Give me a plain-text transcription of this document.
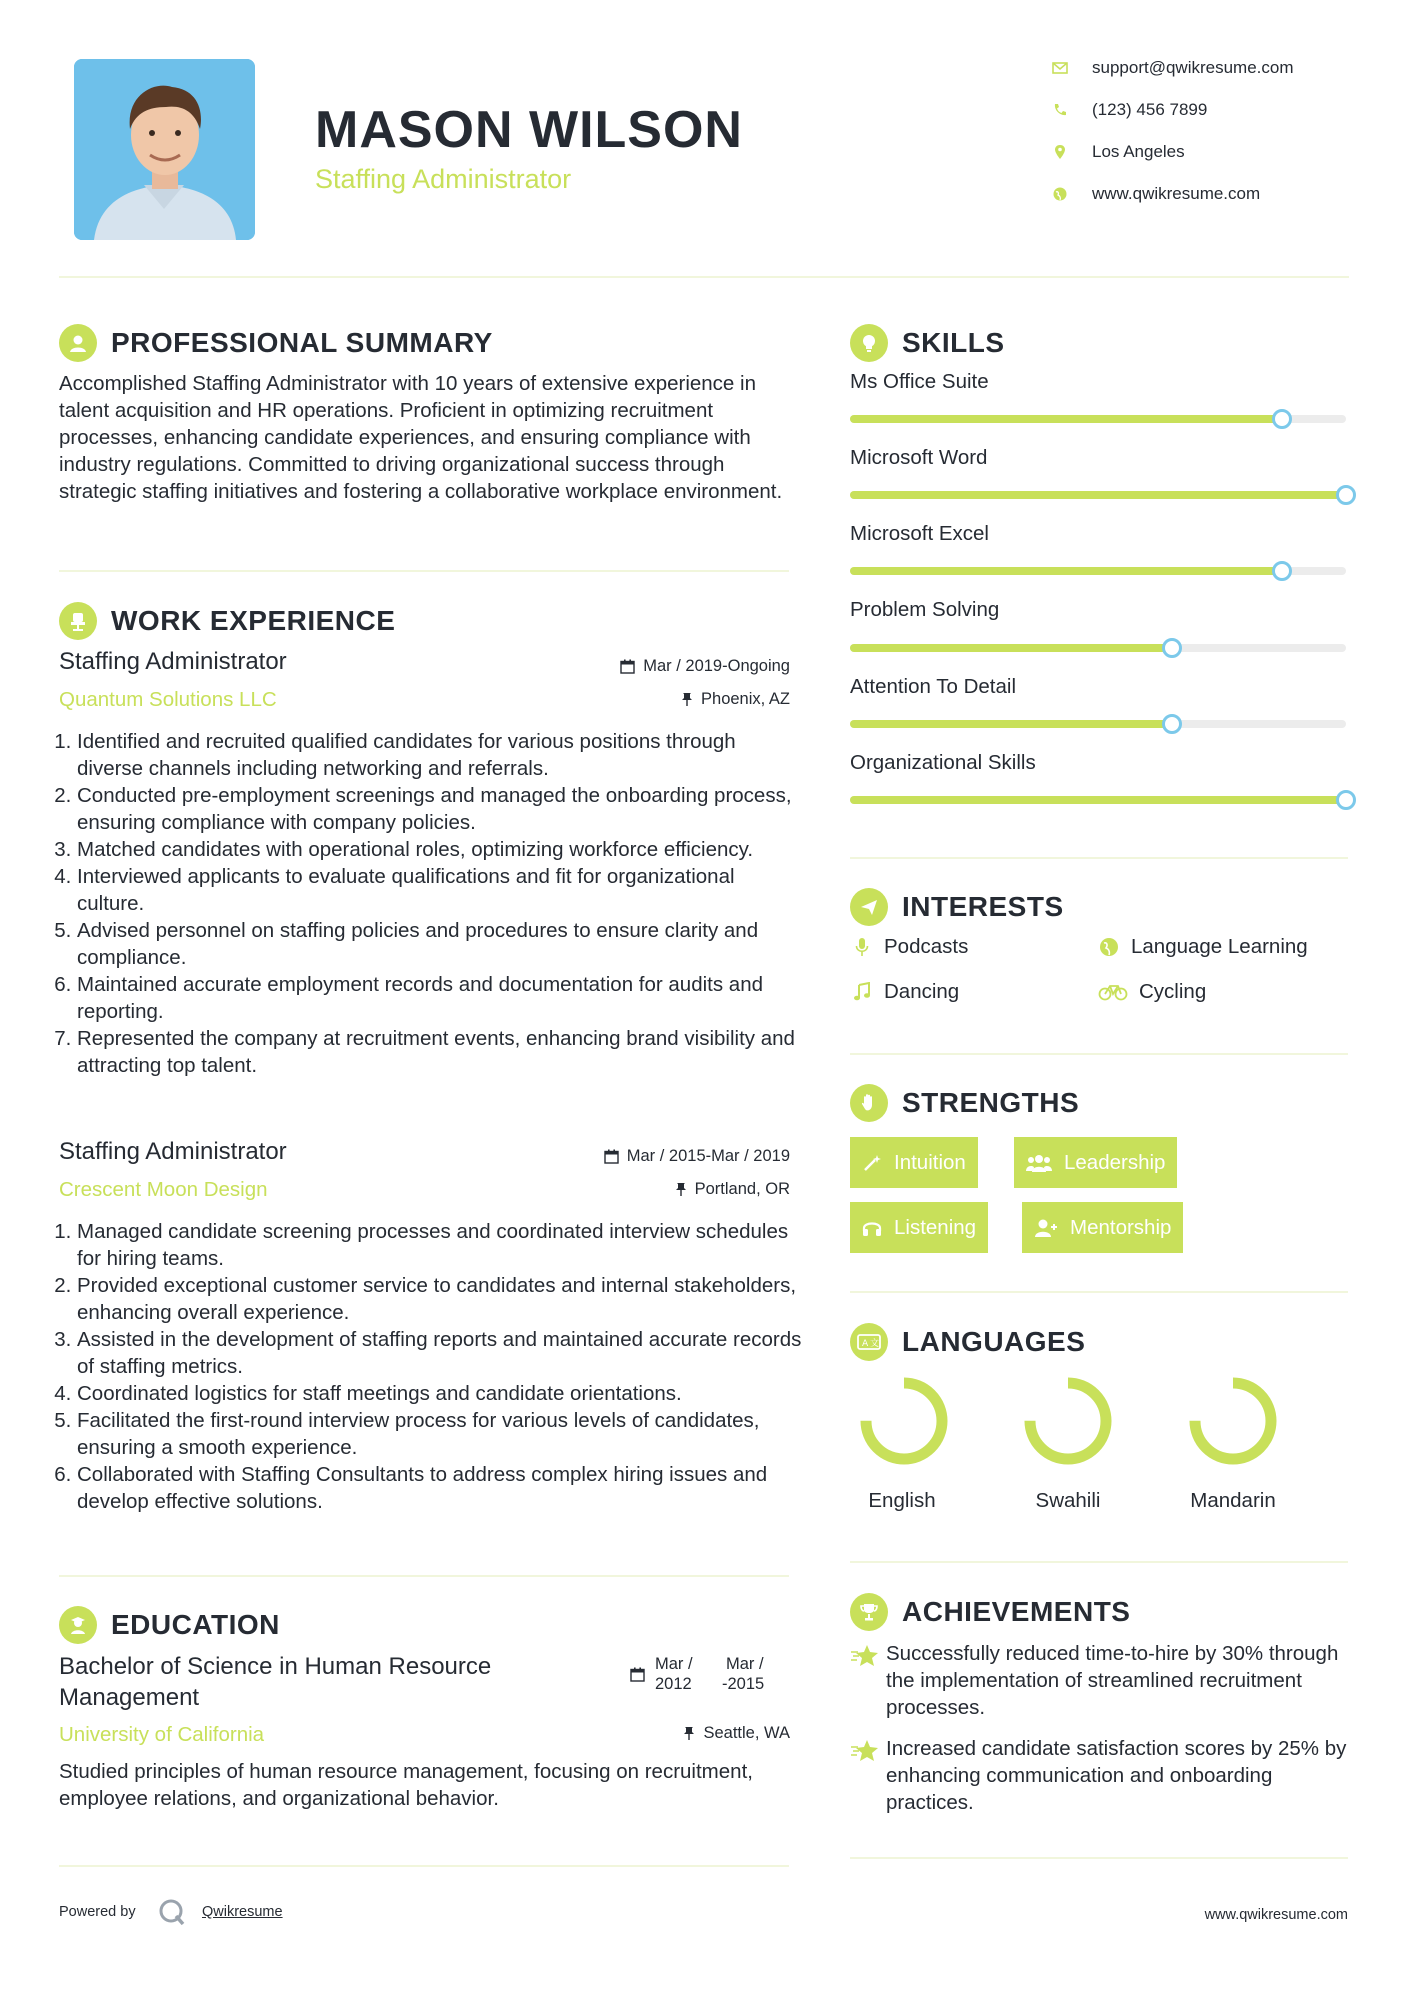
MASON WILSON
Staffing Administrator
support@qwikresume.com
(123) 456 7899
Los Angeles
www.qwikresume.com
PROFESSIONAL SUMMARY
Accomplished Staffing Administrator with 10 years of extensive experience in talent acquisition and HR operations. Proficient in optimizing recruitment processes, enhancing candidate experiences, and ensuring compliance with industry regulations. Committed to driving organizational success through strategic staffing initiatives and fostering a collaborative workplace environment.
WORK EXPERIENCE
Staffing Administrator	Mar / 2019-Ongoing
Quantum Solutions LLC	Phoenix, AZ
1. Identified and recruited qualified candidates for various positions through diverse channels including networking and referrals.
2. Conducted pre-employment screenings and managed the onboarding process, ensuring compliance with company policies.
3. Matched candidates with operational roles, optimizing workforce efficiency.
4. Interviewed applicants to evaluate qualifications and fit for organizational culture.
5. Advised personnel on staffing policies and procedures to ensure clarity and compliance.
6. Maintained accurate employment records and documentation for audits and reporting.
7. Represented the company at recruitment events, enhancing brand visibility and attracting top talent.
Staffing Administrator	Mar / 2015-Mar / 2019
Crescent Moon Design	Portland, OR
1. Managed candidate screening processes and coordinated interview schedules for hiring teams.
2. Provided exceptional customer service to candidates and internal stakeholders, enhancing overall experience.
3. Assisted in the development of staffing reports and maintained accurate records of staffing metrics.
4. Coordinated logistics for staff meetings and candidate orientations.
5. Facilitated the first-round interview process for various levels of candidates, ensuring a smooth experience.
6. Collaborated with Staffing Consultants to address complex hiring issues and develop effective solutions.
EDUCATION
Bachelor of Science in Human Resource
Management
Mar /
2012
Mar /
- 2015
University of California	Seattle, WA
Studied principles of human resource management, focusing on recruitment, employee relations, and organizational behavior.
SKILLS
Ms Office Suite
Microsoft Word
Microsoft Excel
Problem Solving
Attention To Detail
Organizational Skills
INTERESTS
Podcasts	Language Learning
Dancing	Cycling
STRENGTHS
Intuition	Leadership
Listening	Mentorship
A 文 LANGUAGES
English	Swahili	Mandarin
ACHIEVEMENTS
Successfully reduced time-to-hire by 30% through the implementation of streamlined recruitment processes.
Increased candidate satisfaction scores by 25% by enhancing communication and onboarding practices.
Powered by	Qwikresume	www.qwikresume.com
